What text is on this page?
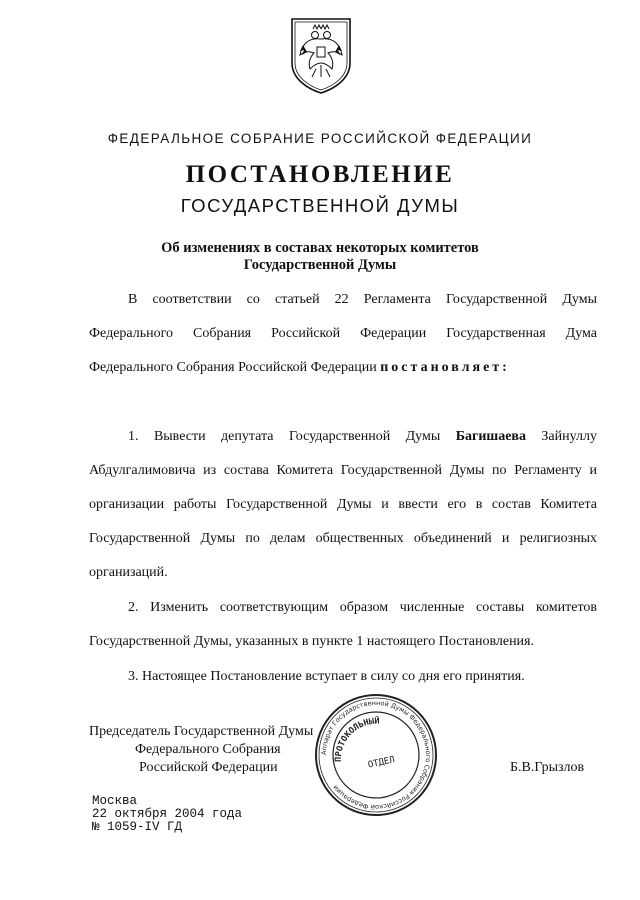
ФЕДЕРАЛЬНОЕ СОБРАНИЕ РОССИЙСКОЙ ФЕДЕРАЦИИ
ПОСТАНОВЛЕНИЕ
ГОСУДАРСТВЕННОЙ ДУМЫ
Об изменениях в составах некоторых комитетов
Государственной Думы
В соответствии со статьей 22 Регламента Государственной Думы Федерального Собрания Российской Федерации Государственная Дума Федерального Собрания Российской Федерации постановляет:
1. Вывести депутата Государственной Думы Багишаева Зайнуллу Абдулгалимовича из состава Комитета Государственной Думы по Регламенту и организации работы Государственной Думы и ввести его в состав Комитета Государственной Думы по делам общественных объединений и религиозных организаций.
2. Изменить соответствующим образом численные составы комитетов Государственной Думы, указанных в пункте 1 настоящего Постановления.
3. Настоящее Постановление вступает в силу со дня его принятия.
Председатель Государственной Думы
Федерального Собрания
Российской Федерации	Б.В.Грызлов
Аппарат Государственной Думы Федерального Собрания Российской Федерации
ПРОТОКОЛЬНЫЙ
ОТДЕЛ
Москва
22 октября 2004 года
№ 1059-IV ГД
